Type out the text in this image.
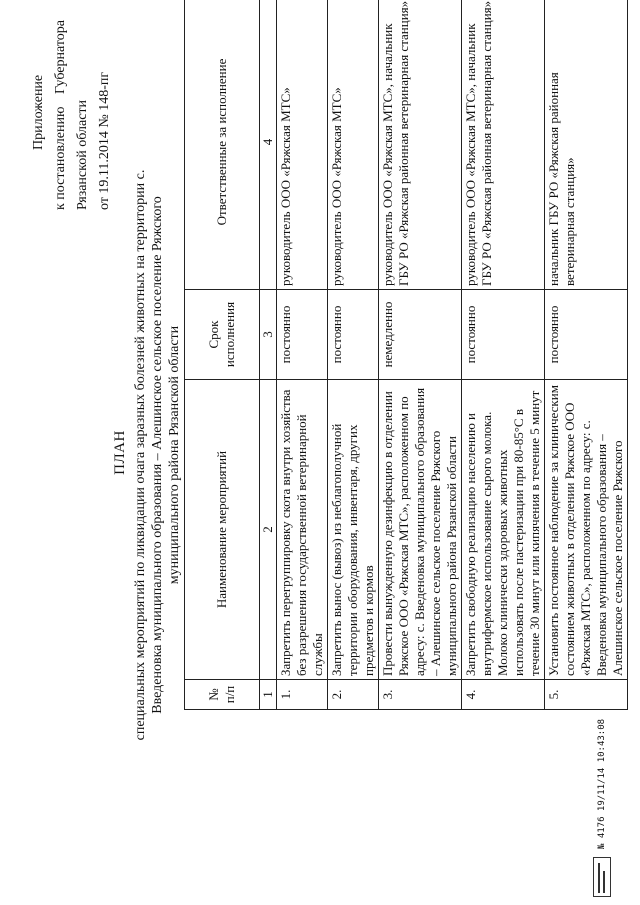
Приложение к постановлению
Губернатора
Рязанской области от 19.11.2014 № 148-пг
ПЛАН специальных мероприятий по ликвидации очага заразных болезней животных на территории с. Введеновка муниципального образования – Алешинское сельское поселение Ряжского муниципального района Рязанской области
№ п/п	Наименование мероприятий	Срок исполнения	Ответственные за исполнение
1	2	3	4
1.	Запретить перегруппировку скота внутри хозяйства без разрешения государственной ветеринарной службы	постоянно	руководитель ООО «Ряжская МТС»
2.	Запретить вынос (вывоз) из неблагополучной территории оборудования, инвентаря, других предметов и кормов	постоянно	руководитель ООО «Ряжская МТС»
3.	Провести вынужденную дезинфекцию в отделении Ряжское ООО «Ряжская МТС», расположенном по адресу: с. Введеновка муниципального образования – Алешинское сельское поселение Ряжского муниципального района Рязанской области	немедленно	руководитель ООО «Ряжская МТС», начальник ГБУ РО «Ряжская районная ветеринарная станция»
4.	Запретить свободную реализацию населению и внутрифермское использование сырого молока. Молоко клинически здоровых животных использовать после пастеризации при 80-85°С в течение 30 минут или кипячения в течение 5 минут	постоянно	руководитель ООО «Ряжская МТС», начальник ГБУ РО «Ряжская районная ветеринарная станция»
5.	Установить постоянное наблюдение за клиническим состоянием животных в отделении Ряжское ООО «Ряжская МТС», расположенном по адресу: с. Введеновка муниципального образования – Алешинское сельское поселение Ряжского	постоянно	начальник ГБУ РО «Ряжская районная ветеринарная станция»
№ 4176 19/11/14 10:43:08
